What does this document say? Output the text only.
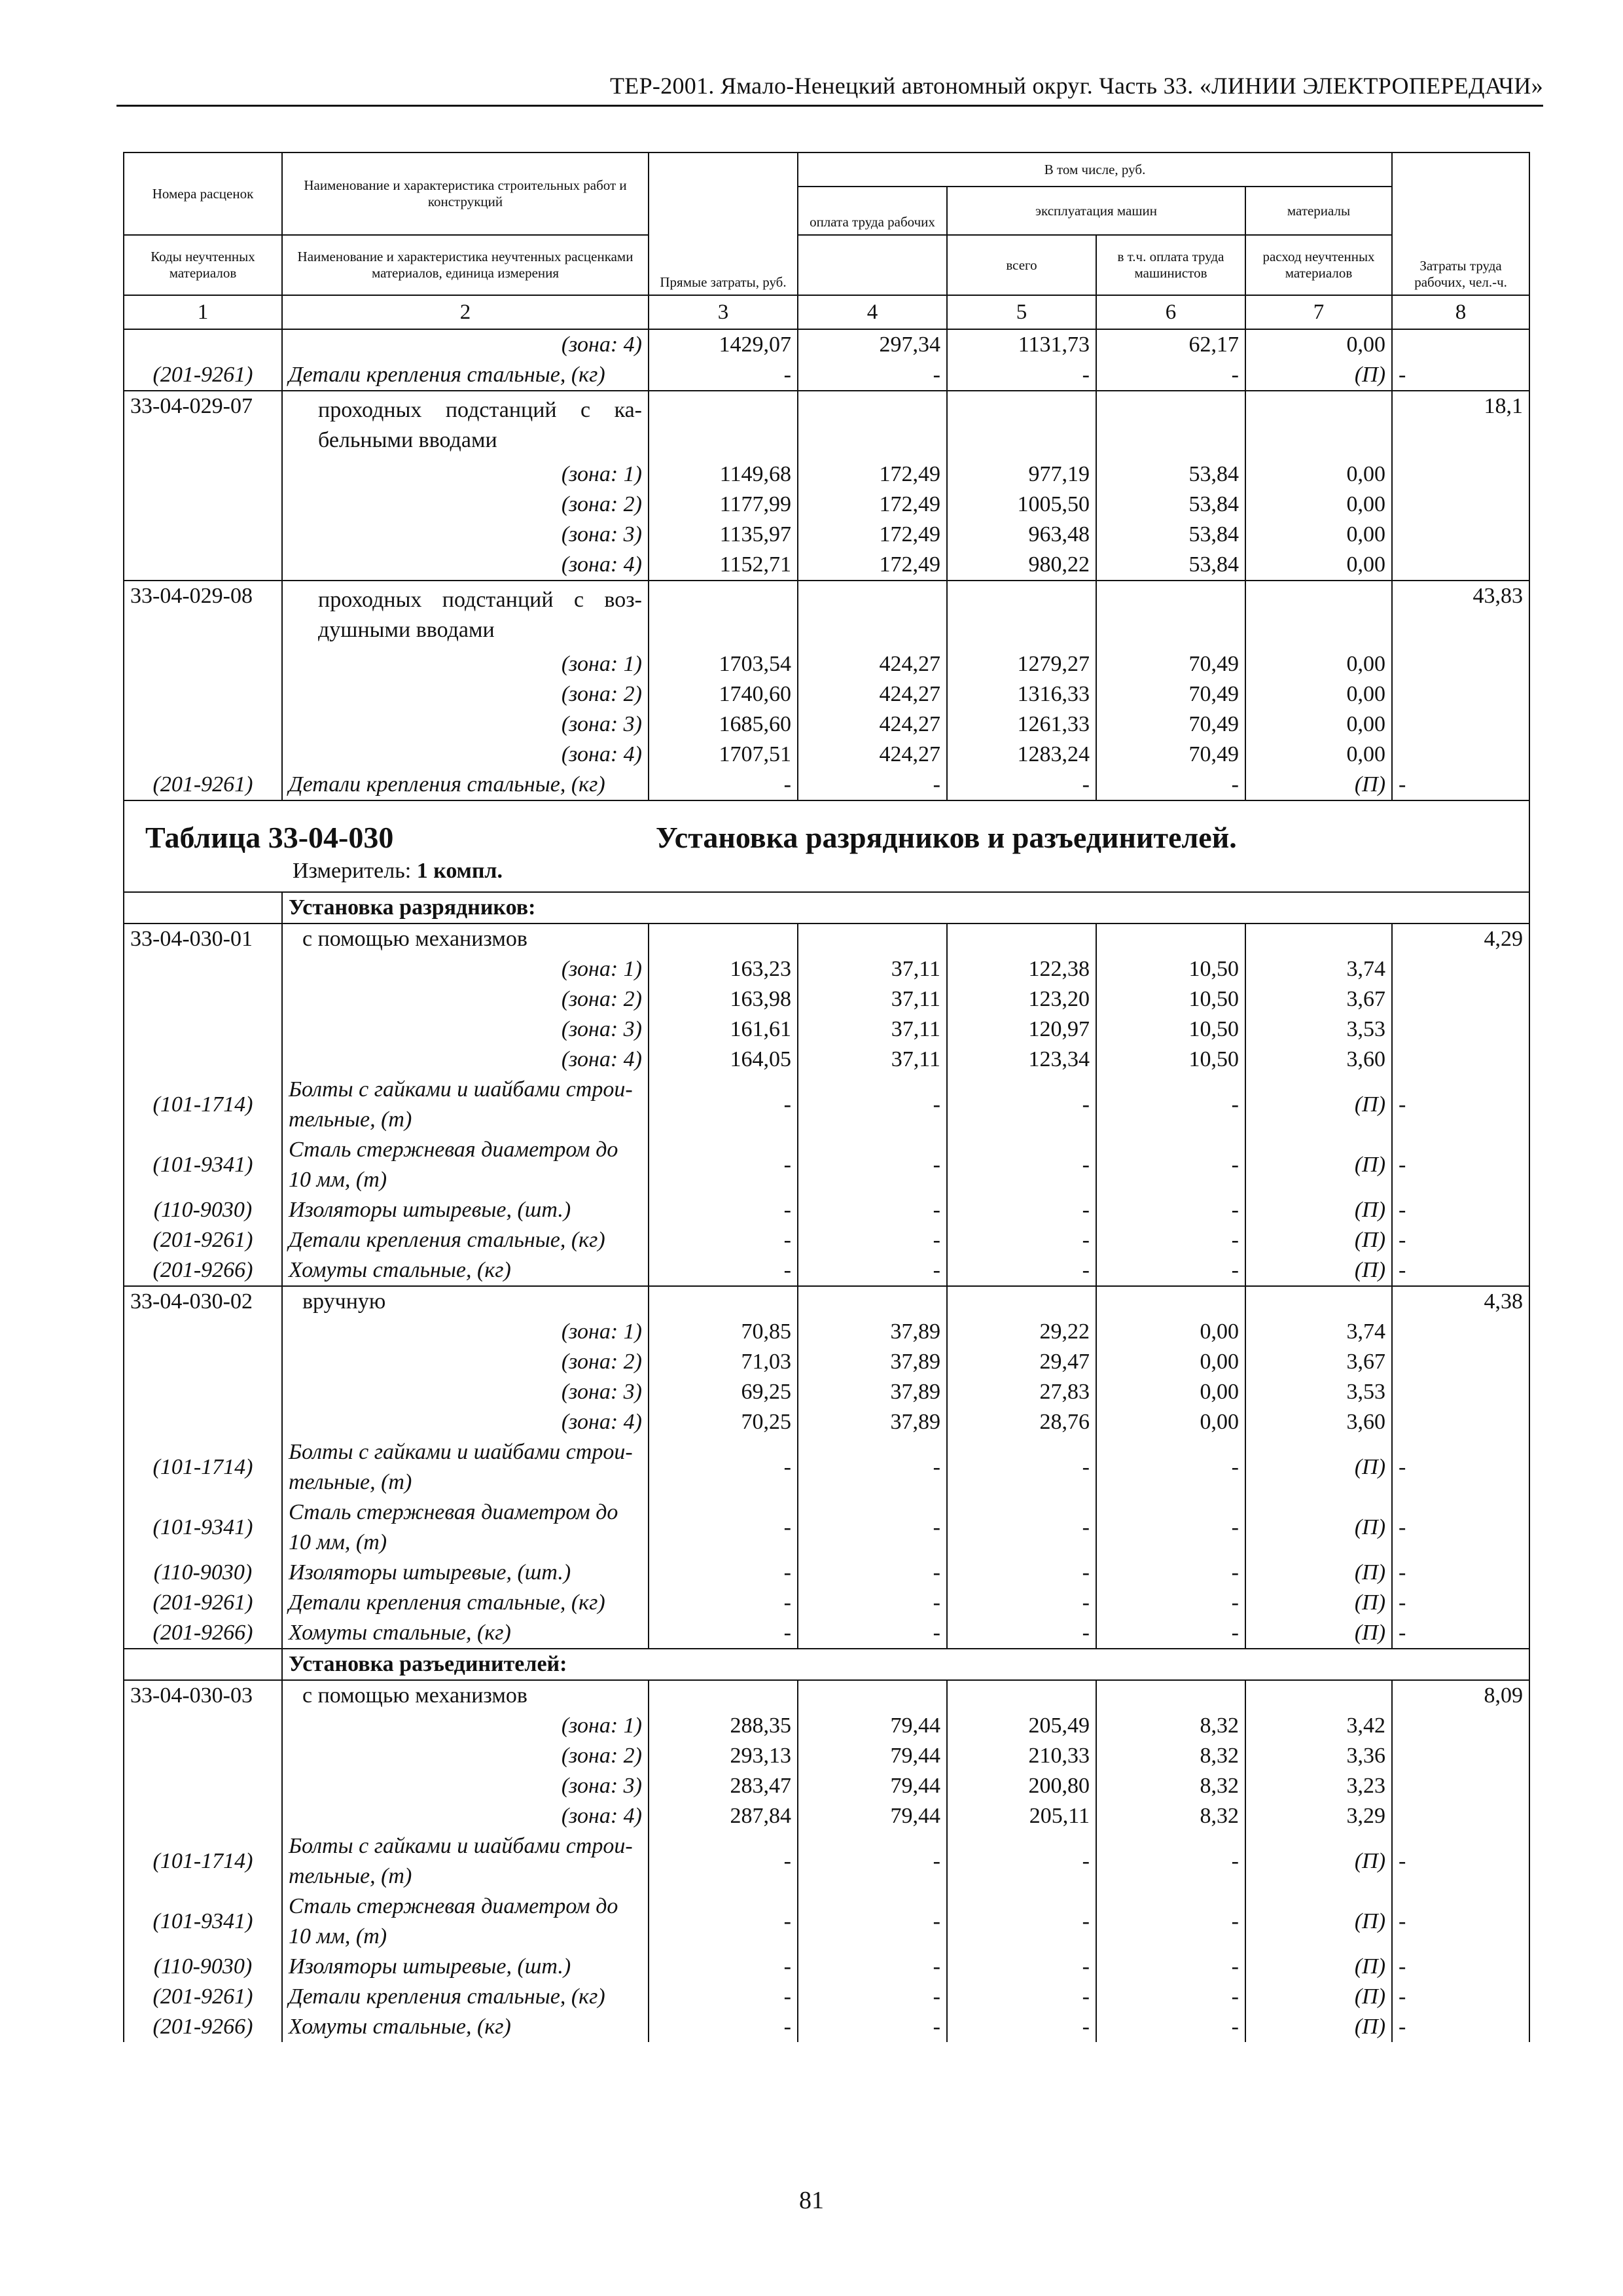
ТЕР-2001. Ямало-Ненецкий автономный округ. Часть 33. «ЛИНИИ ЭЛЕКТРОПЕРЕДАЧИ»
Номера расценок	Наименование и характеристика строительных работ и конструкций	Прямые затраты, руб.	В том числе, руб.				Затраты труда рабочих, чел.-ч.
			оплата труда рабочих	эксплуатация машин		материалы	
Коды неучтенных материалов	Наименование и характеристика неучтенных расценками материалов, единица измерения			всего	в т.ч. оплата труда машинистов	расход неучтенных материалов	

1	2	3	4	5	6	7	8
	(зона: 4)	1429,07	297,34	1131,73	62,17	0,00	
(201-9261)	Детали крепления стальные, (кг)	-	-	-	-	(П)	-
33-04-029-07	проходных подстанций с ка-бельными вводами						18,1
	(зона: 1)	1149,68	172,49	977,19	53,84	0,00	
	(зона: 2)	1177,99	172,49	1005,50	53,84	0,00	
	(зона: 3)	1135,97	172,49	963,48	53,84	0,00	
	(зона: 4)	1152,71	172,49	980,22	53,84	0,00	
33-04-029-08	проходных подстанций с воз-душными вводами						43,83
	(зона: 1)	1703,54	424,27	1279,27	70,49	0,00	
	(зона: 2)	1740,60	424,27	1316,33	70,49	0,00	
	(зона: 3)	1685,60	424,27	1261,33	70,49	0,00	
	(зона: 4)	1707,51	424,27	1283,24	70,49	0,00	
(201-9261)	Детали крепления стальные, (кг)	-	-	-	-	(П)	-

Таблица 33-04-030 Установка разрядников и разъединителей.
Измеритель: 1 компл.							

	Установка разрядников:						
33-04-030-01	с помощью механизмов						4,29
	(зона: 1)	163,23	37,11	122,38	10,50	3,74	
	(зона: 2)	163,98	37,11	123,20	10,50	3,67	
	(зона: 3)	161,61	37,11	120,97	10,50	3,53	
	(зона: 4)	164,05	37,11	123,34	10,50	3,60	
(101-1714)	Болты с гайками и шайбами строи-тельные, (т)	-	-	-	-	(П)	-
(101-9341)	Сталь стержневая диаметром до 10 мм, (т)	-	-	-	-	(П)	-
(110-9030)	Изоляторы штыревые, (шт.)	-	-	-	-	(П)	-
(201-9261)	Детали крепления стальные, (кг)	-	-	-	-	(П)	-
(201-9266)	Хомуты стальные, (кг)	-	-	-	-	(П)	-
33-04-030-02	вручную						4,38
	(зона: 1)	70,85	37,89	29,22	0,00	3,74	
	(зона: 2)	71,03	37,89	29,47	0,00	3,67	
	(зона: 3)	69,25	37,89	27,83	0,00	3,53	
	(зона: 4)	70,25	37,89	28,76	0,00	3,60	
(101-1714)	Болты с гайками и шайбами строи-тельные, (т)	-	-	-	-	(П)	-
(101-9341)	Сталь стержневая диаметром до 10 мм, (т)	-	-	-	-	(П)	-
(110-9030)	Изоляторы штыревые, (шт.)	-	-	-	-	(П)	-
(201-9261)	Детали крепления стальные, (кг)	-	-	-	-	(П)	-
(201-9266)	Хомуты стальные, (кг)	-	-	-	-	(П)	-
	Установка разъединителей:						
33-04-030-03	с помощью механизмов						8,09
	(зона: 1)	288,35	79,44	205,49	8,32	3,42	
	(зона: 2)	293,13	79,44	210,33	8,32	3,36	
	(зона: 3)	283,47	79,44	200,80	8,32	3,23	
	(зона: 4)	287,84	79,44	205,11	8,32	3,29	
(101-1714)	Болты с гайками и шайбами строи-тельные, (т)	-	-	-	-	(П)	-
(101-9341)	Сталь стержневая диаметром до 10 мм, (т)	-	-	-	-	(П)	-
(110-9030)	Изоляторы штыревые, (шт.)	-	-	-	-	(П)	-
(201-9261)	Детали крепления стальные, (кг)	-	-	-	-	(П)	-
(201-9266)	Хомуты стальные, (кг)	-	-	-	-	(П)	-
81
